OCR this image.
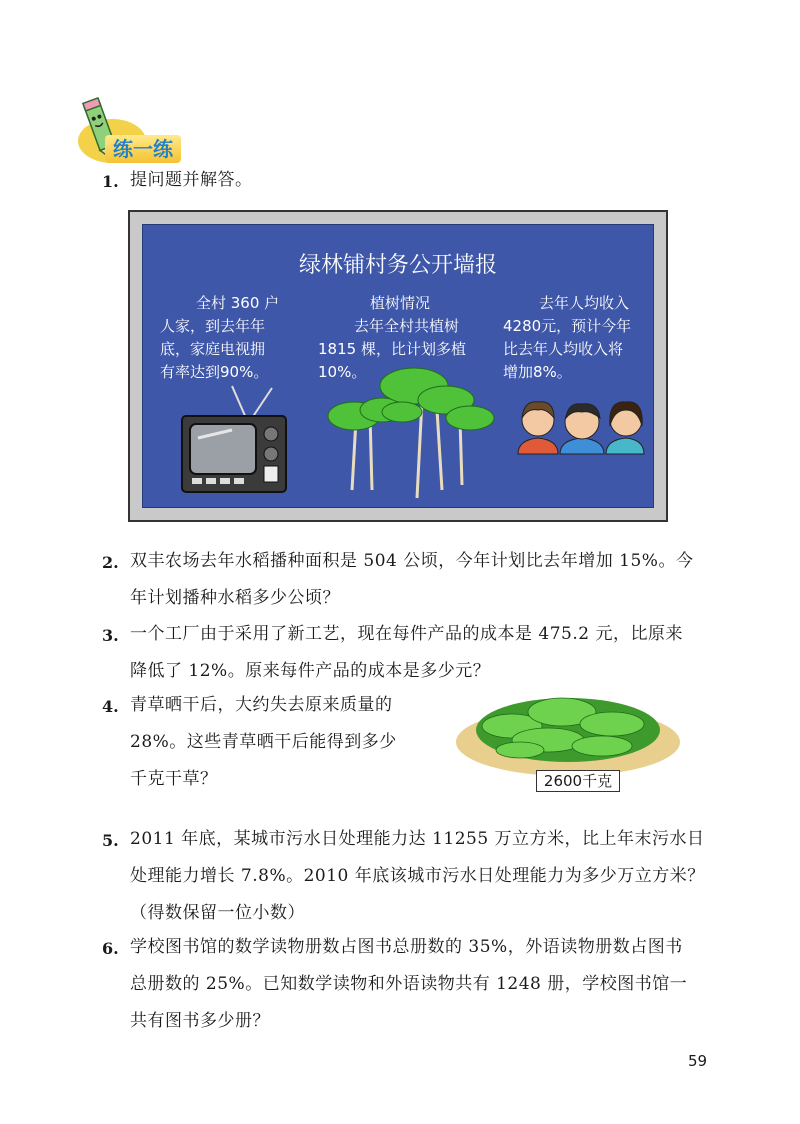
练一练
1. 提问题并解答。
绿林铺村务公开墙报
全村 360 户
人家，到去年年
底，家庭电视拥
有率达到90%。
植树情况
去年全村共植树
1815 棵，比计划多植
10%。
去年人均收入
4280元，预计今年
比去年人均收入将
增加8%。
2. 双丰农场去年水稻播种面积是 504 公顷，今年计划比去年增加 15%。今
年计划播种水稻多少公顷？
3. 一个工厂由于采用了新工艺，现在每件产品的成本是 475.2 元，比原来
降低了 12%。原来每件产品的成本是多少元？
4. 青草晒干后，大约失去原来质量的
28%。这些青草晒干后能得到多少
千克干草？	2600千克
5. 2011 年底，某城市污水日处理能力达 11255 万立方米，比上年末污水日
处理能力增长 7.8%。2010 年底该城市污水日处理能力为多少万立方米？
（得数保留一位小数）
6. 学校图书馆的数学读物册数占图书总册数的 35%，外语读物册数占图书
总册数的 25%。已知数学读物和外语读物共有 1248 册，学校图书馆一
共有图书多少册？
59
